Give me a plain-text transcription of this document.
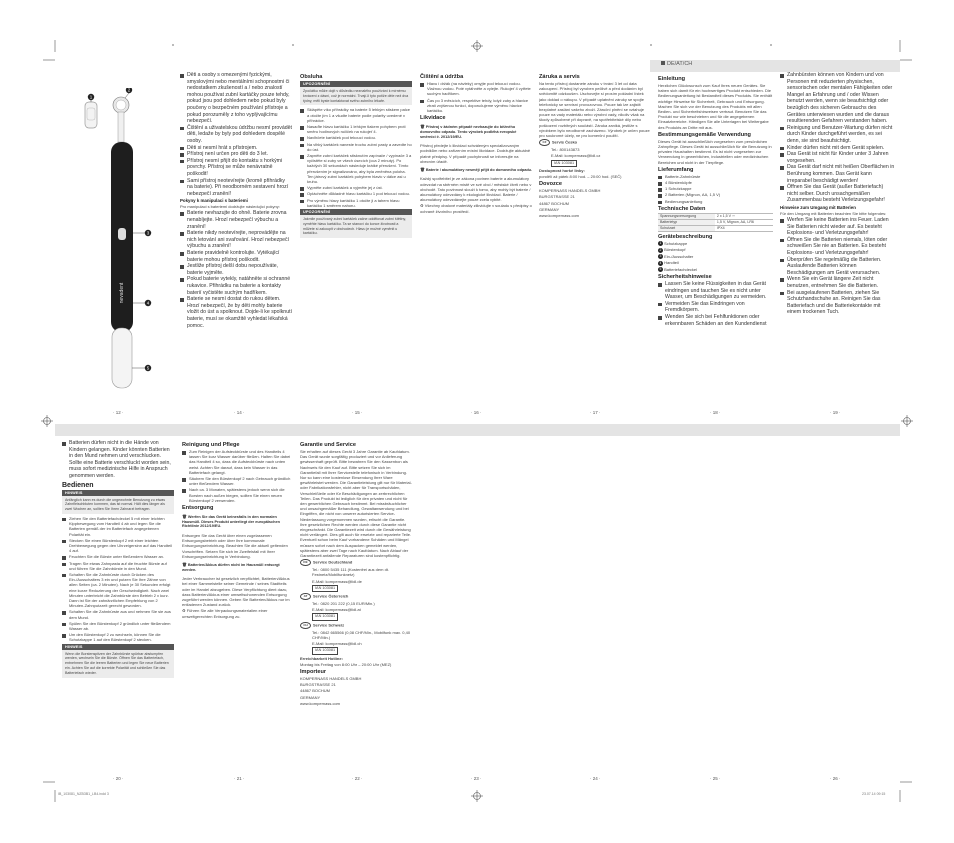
DE/AT/CH
nevadent
1
2
3
4
5

Děti a osoby s omezenými fyzickými, smyslovými nebo mentálními schopnostmi či nedostatkem zkušeností a / nebo znalostí mohou používat zubní kartáčky pouze tehdy, pokud jsou pod dohledem nebo pokud byly poučeny o bezpečném používání přístroje a pokud porozuměly z toho vyplývajícímu nebezpečí.

Čištění a uživatelskou údržbu nesmí provádět děti, ledaže by byly pod dohledem dospělé osoby.

Děti si nesmí hrát s přístrojem.

Přístroj není určen pro děti do 3 let.

Přístroj nesmí přijít do kontaktu s horkými povrchy. Přístroj se může nenávratně poškodit!

Sami přístroj neotevírejte (kromě přihrádky na baterie). Při neodborném sestavení hrozí nebezpečí zranění!

Pokyny k manipulaci s bateriemi

Pro manipulaci s bateriemi dodržujte následující pokyny:

Baterie nevhazujte do ohně. Baterie zrovna nenabíjejte. Hrozí nebezpečí výbuchu a zranění!

Baterie nikdy neotevírejte, neprovádějte na nich letování ani svařování. Hrozí nebezpečí výbuchu a zranění!

Baterie pravidelně kontrolujte. Vytékající baterie mohou přístroj poškodit.

Jestliže přístroj delší dobu nepoužíváte, baterie vyjměte.

Pokud baterie vytekly, natáhněte si ochranné rukavice. Přihrádku na baterie a kontakty baterií vyčistěte suchým hadříkem.

Baterie se nesmí dostat do rukou dětem. Hrozí nebezpečí, že by děti mohly baterie vložit do úst a spolknout. Dojde-li ke spolknutí baterie, musí se okamžitě vyhledat lékařská pomoc.

Obsluha

UPOZORNĚNÍ
Zpočátku může dojít v důsledku neznalého používání k mírnému krvácení z dásní, což je normální. Trvají-li tyto potíže déle než dva týdny, měli byste kontaktovat svého zubního lékaře.

Sklápěte víko přihrádky na baterie 5 lehkým stiskem palce a otočte jím 1 a všudte baterie podle polarity uvedené v přihrádce.

Nasaďte hlavu kartáčku 1 lehkým tlakem pohybem proti směru hodinových ručiček na rukojeť 4.

Navlhčete kartáček pod tekoucí vodou.

Na vlhký kartáček naneste trochu zubní pasty a zavedte ho do úst.

Zapněte zubní kartáček stisknutím zapínače / vypínače 3 a vyčistěte si zuby ve všech úsecích (cca 2 minuty). Po každých 30 sekundách následuje krátké přerušení. Tímto přerušením je signalizováno, aby byla změněna poloha. Ten játrový zubní kartáček pohybem hlavic v dálce asi u kruhu.

Vypněte zubní kartáček a vyjměte jej z úst.

Opláchněte důkladně hlavu kartáčku 1 pod tekoucí vodou.

Pro výměnu hlavy kartáčku 1 otočte ji a tahem hlavu kartáčku 1 směrem nahoru.

UPOZORNĚNÍ
Jakmile používaný zubní kartáček začne oddělovat zubní štětiny, vyměňte hlavu kartáčku. Ta se stanoví do konce životnosti a můžete si zakoupit v obchodech. Hlavu je možné vyměnit u kartáčku.

Čištění a údržba

Hlavu i držák (na návleky) omyjte pod tekoucí vodou. Vlažnou vodou. Poté vytáhněte a vylejte. Rukojeť 4 vytřete suchým hadříkem.

Čas po 3 měsících, respektive tehdy, když zuby a hlavice ztratí zvýšenou funkcí, doporučujeme výměnu hlavice kartáčku.

Likvidace

🗑 Přístroj v žádném případě nevhazujte do běžného domovního odpadu. Tento výrobek podléhá evropské směrnici č. 2012/19/EU.

Přístroj předejte k likvidaci schváleným specializovaným podnikům nebo zařízením místní likvidace. Dodržujte aktuálně platné předpisy. V případě pochybnosti se informujte na obecním úřadě.

🗑 Baterie / akumulátory nesmějí přijít do domovního odpadu.

Každý spotřebitel je ze zákona povinen baterie a akumulátory odevzdat na sběrném místě ve své obci / městské čtvrti nebo v obchodě. Tato povinnost slouží k tomu, aby mohly být baterie / akumulátory odevzdány k ekologické likvidaci. Baterie / akumulátory odevzdávejte pouze zcela vybité.

♻ Všechny obalové materiály zlikvidujte v souladu s předpisy o ochraně životního prostředí.

Záruka a servis

Na tento přístroj dostanete záruku v trvání 3 let od data zakoupení. Přístroj byl vyroben pečlivě a před dodáním byl svědomitě odzkoušen. Uschovejte si prosím pokladní lístek jako doklad o nákupu. V případě uplatnění záruky se spojte telefonicky se servisní provozovnou. Pouze tak lze zajistit bezplatné zaslání vašeho zboží. Záruční plnění se vztahuje pouze na vady materiálu nebo výrobní vady, nikoliv však na škody způsobené při dopravě, na spotřebitelské díly nebo poškození rozbitných součástí. Záruka zaniká, jestliže s výrobkem bylo neodborně zacházeno. Výrobek je určen pouze pro soukromé účely, ne pro komerční použití.

CZ Servis Česko

Tel.: 800143873

E-Mail: kompernass@lidl.cz

IAN 103081

Dostupnost horké linky:

pondělí až pátek 8:00 hod. – 20:00 hod. (SEČ)

Dovozce

KOMPERNASS HANDELS GMBH

BURGSTRASSE 21

44867 BOCHUM

GERMANY

www.kompernass.com

Einleitung

Herzlichen Glückwunsch zum Kauf Ihres neuen Gerätes. Sie haben sich damit für ein hochwertiges Produkt entschieden. Die Bedienungsanleitung ist Bestandteil dieses Produkts. Sie enthält wichtige Hinweise für Sicherheit, Gebrauch und Entsorgung. Machen Sie sich vor der Benutzung des Produkts mit allen Bedien- und Sicherheitshinweisen vertraut. Benutzen Sie das Produkt nur wie beschrieben und für die angegebenen Einsatzbereiche. Händigen Sie alle Unterlagen bei Weitergabe des Produkts an Dritte mit aus.

Bestimmungsgemäße Verwendung

Dieses Gerät ist ausschließlich vorgesehen zum persönlichen Zahnpflege. Dieses Gerät ist ausschließlich für die Benutzung in privaten Haushalten bestimmt. Es ist nicht vorgesehen zur Verwendung in gewerblichen, industriellen oder medizinischen Bereichen und nicht in der Tierpflege.

Lieferumfang

Batterie-Zahnbürste

4 Bürstenköpfe

1 Schutzkappe

2 Batterien (Mignon, AA, 1,5 V)

Bedienungsanleitung

Technische Daten

Spannungsversorgung	2 x 1,5 V ⎓
Batterietyp	1,5 V, Mignon, AA, LR6
Schutzart	IPX4

Gerätebeschreibung

1 Schutzkappe

2 Bürstenkopf

3 Ein-/Ausschalter

4 Handteil

5 Batteriefachdeckel

Sicherheitshinweise

Lassen Sie keine Flüssigkeiten in das Gerät eindringen und tauchen Sie es nicht unter Wasser, um Beschädigungen zu vermeiden.

Vermeiden Sie das Eindringen von Fremdkörpern.

Wenden Sie sich bei Fehlfunktionen oder erkennbaren Schäden an den Kundendienst

Zahnbürsten können von Kindern und von Personen mit reduzierten physischen, sensorischen oder mentalen Fähigkeiten oder Mangel an Erfahrung und / oder Wissen benutzt werden, wenn sie beaufsichtigt oder bezüglich des sicheren Gebrauchs des Gerätes unterwiesen wurden und die daraus resultierenden Gefahren verstanden haben.

Reinigung und Benutzer-Wartung dürfen nicht durch Kinder durchgeführt werden, es sei denn, sie sind beaufsichtigt.

Kinder dürfen nicht mit dem Gerät spielen.

Das Gerät ist nicht für Kinder unter 3 Jahren vorgesehen.

Das Gerät darf nicht mit heißen Oberflächen in Berührung kommen. Das Gerät kann irreparabel beschädigt werden!

Öffnen Sie das Gerät (außer Batteriefach) nicht selber. Durch unsachgemäßen Zusammenbau besteht Verletzungsgefahr!

Hinweise zum Umgang mit Batterien

Für den Umgang mit Batterien beachten Sie bitte folgendes:

Werfen Sie keine Batterien ins Feuer. Laden Sie Batterien nicht wieder auf. Es besteht Explosions- und Verletzungsgefahr!

Öffnen Sie die Batterien niemals, löten oder schweißen Sie nie an Batterien. Es besteht Explosions- und Verletzungsgefahr!

Überprüfen Sie regelmäßig die Batterien. Auslaufende Batterien können Beschädigungen am Gerät verursachen.

Wenn Sie ein Gerät längere Zeit nicht benutzen, entnehmen Sie die Batterien.

Bei ausgelaufenen Batterien, ziehen Sie Schutzhandschuhe an. Reinigen Sie das Batteriefach und die Batteriekontakte mit einem trockenen Tuch.

· 12 ·	· 14 ·	· 15 ·	· 16 ·	· 17 ·	· 18 ·	· 19 ·

Batterien dürfen nicht in die Hände von Kindern gelangen. Kinder könnten Batterien in den Mund nehmen und verschlucken. Sollte eine Batterie verschluckt worden sein, muss sofort medizinische Hilfe in Anspruch genommen werden.

Bedienen

HINWEIS
Anfänglich kann es durch die ungewohnte Benutzung zu etwas Zahnfleischbluten kommen, das ist normal. Hält dies länger als zwei Wochen an, sollten Sie Ihren Zahnarzt befragen.

Ziehen Sie den Batteriefachdeckel 5 mit einer leichten Kippbewegung vom Handteil 4 ab und legen Sie die Batterien gemäß der im Batteriefach angegebenen Polarität ein.

Stecken Sie einen Bürstenkopf 2 mit einer leichten Drehbewegung gegen den Uhrzeigersinn auf das Handteil 4 auf.

Feuchten Sie die Bürste unter fließendem Wasser an.

Tragen Sie etwas Zahnpasta auf die feuchte Bürste auf und führen Sie die Zahnbürste in den Mund.

Schalten Sie die Zahnbürste durch Drücken des Ein-/Ausschalters 3 ein und putzen Sie Ihre Zähne von allen Seiten (ca. 2 Minuten). Nach je 30 Sekunden erfolgt eine kurze Reduzierung der Geschwindigkeit. Nach zwei Minuten unterbricht die Zahnbürste den Betrieb 2 x kurz. Dann ist Sie der zahnärztlichen Empfehlung von 2 Minuten-Zahnputzzeit gerecht geworden.

Schalten Sie die Zahnbürste aus und nehmen Sie sie aus dem Mund.

Spülen Sie den Bürstenkopf 2 gründlich unter fließendem Wasser ab.

Um den Bürstenkopf 2 zu wechseln, können Sie die Schutzkappe 1 auf den Bürstenkopf 2 stecken.

HINWEIS
Wenn die Borstenspitzen der Zahnbürste spürbar abstumpfen werden, wechseln Sie die Bürste. Öffnen Sie das Batteriefach, entnehmen Sie die leeren Batterien und legen Sie neue Batterien ein. Achten Sie auf die korrekte Polarität und schließen Sie das Batteriefach wieder.

Reinigung und Pflege

Zum Reinigen der Aufsteckbürste und des Handteils 4 lassen Sie kurz Wasser darüber fließen. Halten Sie dabei das Handteil 4 so, dass die Aufsteckbürste nach unten weist. Achten Sie darauf, dass kein Wasser in das Batteriefach gelangt.

Säubern Sie den Bürstenkopf 2 nach Gebrauch gründlich unter fließendem Wasser.

Nach ca. 3 Monaten, spätestens jedoch wenn sich die Borsten nach außen biegen, sollten Sie einen neuen Bürstenkopf 2 verwenden.

Entsorgung

🗑 Werfen Sie das Gerät keinesfalls in den normalen Hausmüll. Dieses Produkt unterliegt der europäischen Richtlinie 2012/19/EU.

Entsorgen Sie das Gerät über einen zugelassenen Entsorgungsbetrieb oder über Ihre kommunale Entsorgungseinrichtung. Beachten Sie die aktuell geltenden Vorschriften. Setzen Sie sich im Zweifelsfall mit Ihrer Entsorgungseinrichtung in Verbindung.

🗑 Batterien/Akkus dürfen nicht im Hausmüll entsorgt werden.

Jeder Verbraucher ist gesetzlich verpflichtet, Batterien/Akkus bei einer Sammelstelle seiner Gemeinde / seines Stadtteils oder im Handel abzugeben. Diese Verpflichtung dient dazu, dass Batterien/Akkus einer umweltschonenden Entsorgung zugeführt werden können. Geben Sie Batterien/Akkus nur im entladenen Zustand zurück.

♻ Führen Sie alle Verpackungsmaterialien einer umweltgerechten Entsorgung zu.

Garantie und Service

Sie erhalten auf dieses Gerät 3 Jahre Garantie ab Kaufdatum. Das Gerät wurde sorgfältig produziert und vor Anlieferung gewissenhaft geprüft. Bitte bewahren Sie den Kassenbon als Nachweis für den Kauf auf. Bitte setzen Sie sich im Garantiefall mit Ihrer Servicestelle telefonisch in Verbindung. Nur so kann eine kostenlose Einsendung Ihrer Ware gewährleistet werden. Die Garantieleistung gilt nur für Material- oder Fabrikationsfehler, nicht aber für Transportschäden, Verschleißteile oder für Beschädigungen an zerbrechlichen Teilen. Das Produkt ist lediglich für den privaten und nicht für den gewerblichen Gebrauch bestimmt. Bei missbräuchlicher und unsachgemäßer Behandlung, Gewaltanwendung und bei Eingriffen, die nicht von unserer autorisierten Service-Niederlassung vorgenommen wurden, erlischt die Garantie. Ihre gesetzlichen Rechte werden durch diese Garantie nicht eingeschränkt. Die Garantiezeit wird durch die Gewährleistung nicht verlängert. Dies gilt auch für ersetzte und reparierte Teile. Eventuell schon beim Kauf vorhandene Schäden und Mängel müssen sofort nach dem Auspacken gemeldet werden, spätestens aber zwei Tage nach Kaufdatum. Nach Ablauf der Garantiezeit anfallende Reparaturen sind kostenpflichtig.

DE Service Deutschland

Tel.: 0800 5435 111 (Kostenfrei aus dem dt. Festnetz/Mobilfunknetz)

E-Mail: kompernass@lidl.de

IAN 103081

AT Service Österreich

Tel.: 0820 201 222 (0,15 EUR/Min.)

E-Mail: kompernass@lidl.at

IAN 103081

CH Service Schweiz

Tel.: 0842 665566 (0,08 CHF/Min., Mobilfunk max. 0,40 CHF/Min.)

E-Mail: kompernass@lidl.ch

IAN 103081

Erreichbarkeit Hotline:

Montag bis Freitag von 8:00 Uhr – 20:00 Uhr (MEZ)

Importeur

KOMPERNASS HANDELS GMBH

BURGSTRASSE 21

44867 BOCHUM

GERMANY

www.kompernass.com

· 20 ·	· 21 ·	· 22 ·	· 23 ·	· 24 ·	· 25 ·	· 26 ·
IB_103081_NZB3B1_LB4.indd 3	23.07.14 09:15
